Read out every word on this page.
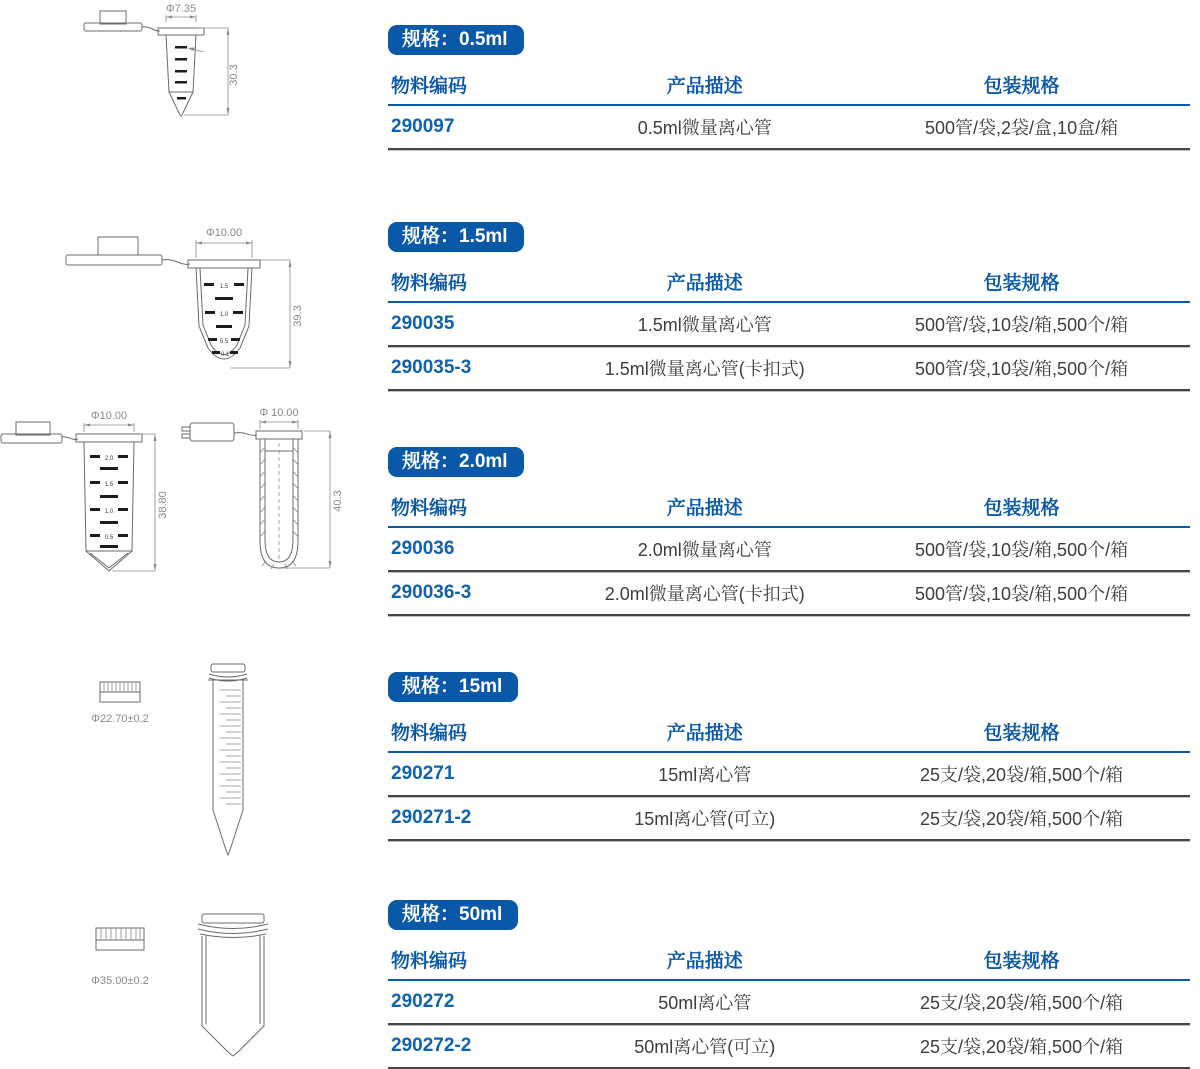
Φ7.35
30.3
1.5
1.0
0.5
0.1
Φ10.00
39.3
2.0
1.5
1.0
0.5
Φ10.00
38.80
Φ 10.00
40.3
Φ22.70±0.2
Φ35.00±0.2
规格：0.5ml
物料编码	产品描述	包装规格
290097	0.5ml微量离心管	500管/袋,2袋/盒,10盒/箱
规格：1.5ml
物料编码	产品描述	包装规格
290035	1.5ml微量离心管	500管/袋,10袋/箱,500个/箱
290035-3	1.5ml微量离心管(卡扣式)	500管/袋,10袋/箱,500个/箱
规格：2.0ml
物料编码	产品描述	包装规格
290036	2.0ml微量离心管	500管/袋,10袋/箱,500个/箱
290036-3	2.0ml微量离心管(卡扣式)	500管/袋,10袋/箱,500个/箱
规格：15ml
物料编码	产品描述	包装规格
290271	15ml离心管	25支/袋,20袋/箱,500个/箱
290271-2	15ml离心管(可立)	25支/袋,20袋/箱,500个/箱
规格：50ml
物料编码	产品描述	包装规格
290272	50ml离心管	25支/袋,20袋/箱,500个/箱
290272-2	50ml离心管(可立)	25支/袋,20袋/箱,500个/箱
